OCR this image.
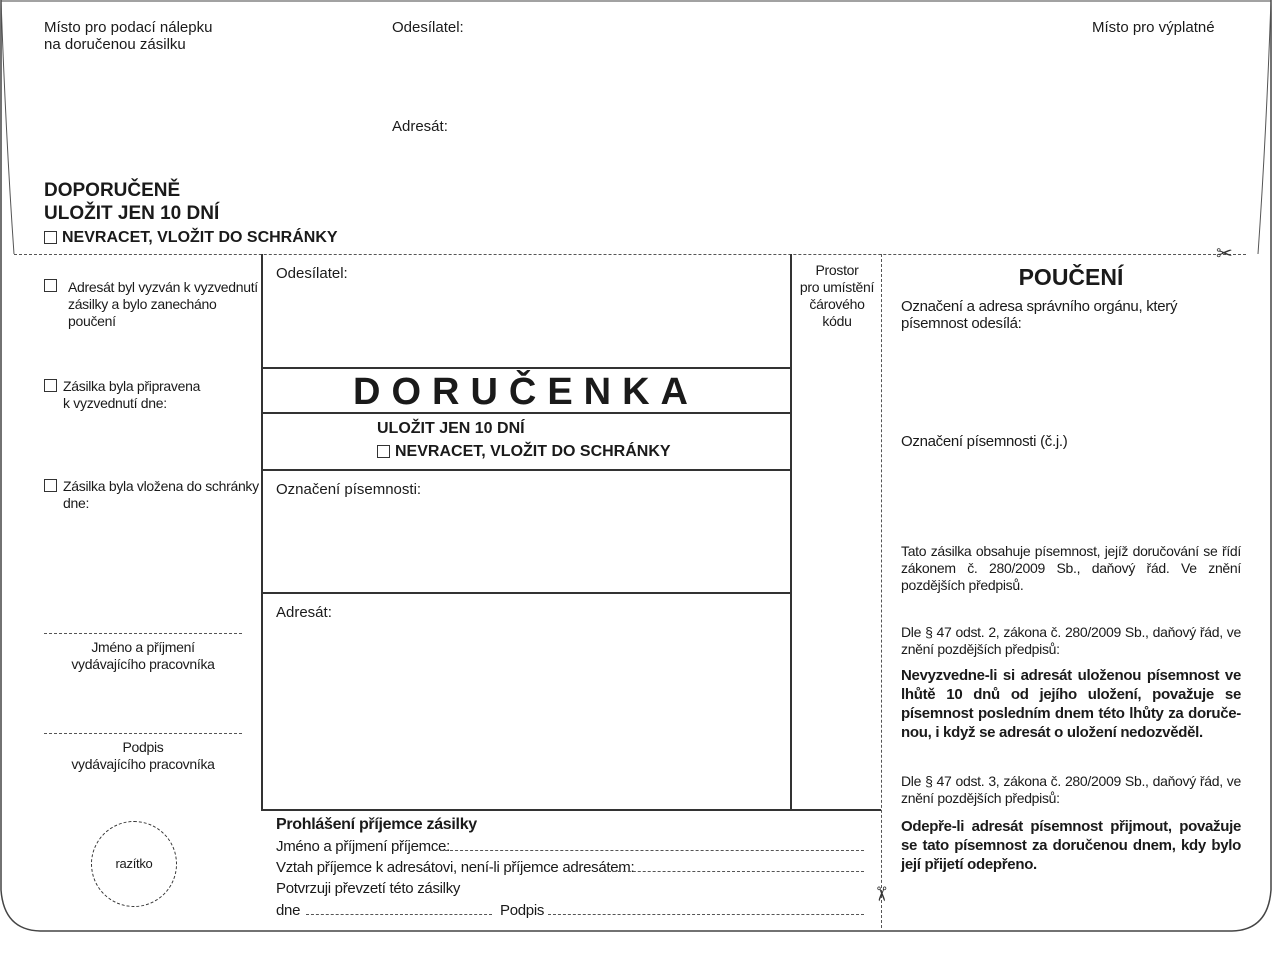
Místo pro podací nálepku
na doručenou zásilku
Odesílatel:	Místo pro výplatné
Adresát:
DOPORUČENĚ
ULOŽIT JEN 10 DNÍ
NEVRACET, VLOŽIT DO SCHRÁNKY
✂
Adresát byl vyzván k vyzvednutí
zásilky a bylo zanecháno poučení
Zásilka byla připravena
k vyzvednutí dne:
Zásilka byla vložena do schránky
dne:
Jméno a příjmení
vydávajícího pracovníka
Podpis
vydávajícího pracovníka
razítko
Odesílatel:
DORUČENKA
ULOŽIT JEN 10 DNÍ
NEVRACET, VLOŽIT DO SCHRÁNKY
Označení písemnosti:
Adresát:
Prostor
pro umístění
čárového
kódu
✂
Prohlášení příjemce zásilky
Jméno a příjmení příjemce:
Vztah příjemce k adresátovi, není-li příjemce adresátem:
Potvrzuji převzetí této zásilky
dne	Podpis
POUČENÍ
Označení a adresa správního orgánu, který písemnost odesílá:
Označení písemnosti (č.j.)
Tato zásilka obsahuje písemnost, jejíž doručování se řídí zákonem č. 280/2009 Sb., daňový řád. Ve znění pozdějších předpisů.
Dle § 47 odst. 2, zákona č. 280/2009 Sb., daňový řád, ve znění pozdějších předpisů:
Nevyzvedne-li si adresát uloženou písemnost ve lhůtě 10 dnů od jejího uložení, považuje se písemnost posledním dnem této lhůty za doruče-nou, i když se adresát o uložení nedozvěděl.
Dle § 47 odst. 3, zákona č. 280/2009 Sb., daňový řád, ve znění pozdějších předpisů:
Odepře-li adresát písemnost přijmout, považuje se tato písemnost za doručenou dnem, kdy bylo její přijetí odepřeno.
